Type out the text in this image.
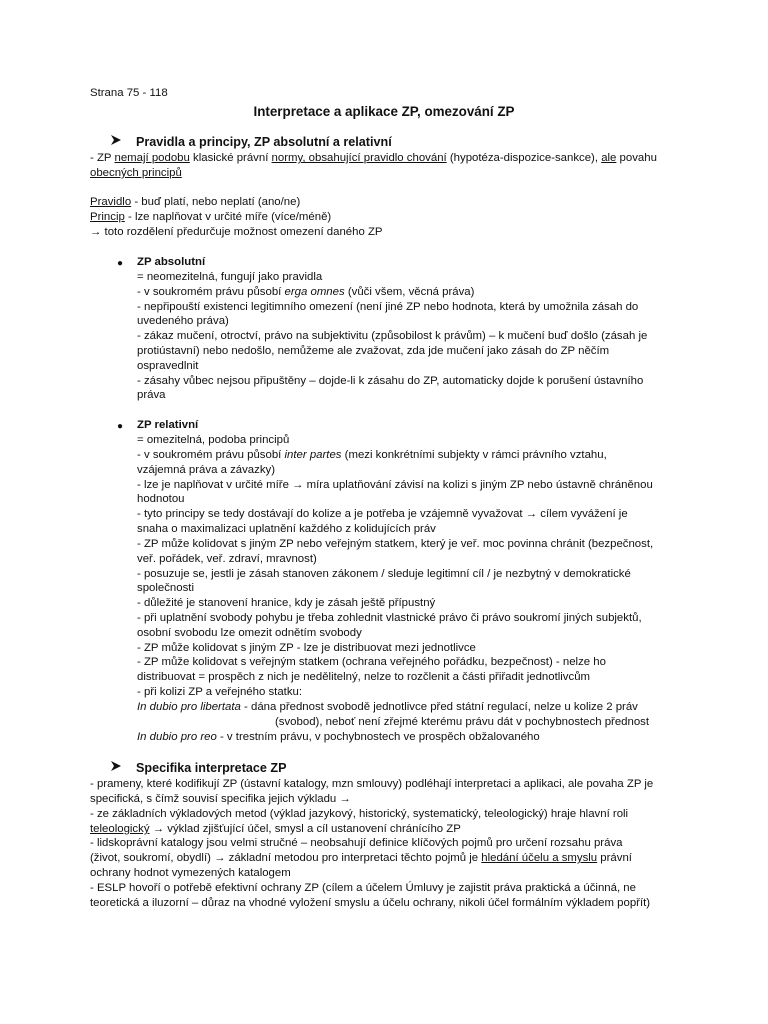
Strana 75 - 118
Interpretace a aplikace ZP, omezování ZP
Pravidla a principy, ZP absolutní a relativní
- ZP nemají podobu klasické právní normy, obsahující pravidlo chování (hypotéza-dispozice-sankce), ale povahu
obecných principů
Pravidlo - buď platí, nebo neplatí (ano/ne)
Princip - lze naplňovat v určité míře (více/méně)
→ toto rozdělení předurčuje možnost omezení daného ZP
● ZP absolutní
= neomezitelná, fungují jako pravidla
- v soukromém právu působí erga omnes (vůči všem, věcná práva)
- nepřipouští existenci legitimního omezení (není jiné ZP nebo hodnota, která by umožnila zásah do
uvedeného práva)
- zákaz mučení, otroctví, právo na subjektivitu (způsobilost k právům) – k mučení buď došlo (zásah je
protiústavní) nebo nedošlo, nemůžeme ale zvažovat, zda jde mučení jako zásah do ZP něčím
ospravedlnit
- zásahy vůbec nejsou připuštěny – dojde-li k zásahu do ZP, automaticky dojde k porušení ústavního
práva
● ZP relativní
= omezitelná, podoba principů
- v soukromém právu působí inter partes (mezi konkrétními subjekty v rámci právního vztahu,
vzájemná práva a závazky)
- lze je naplňovat v určité míře → míra uplatňování závisí na kolizi s jiným ZP nebo ústavně chráněnou
hodnotou
- tyto principy se tedy dostávají do kolize a je potřeba je vzájemně vyvažovat → cílem vyvážení je
snaha o maximalizaci uplatnění každého z kolidujících práv
- ZP může kolidovat s jiným ZP nebo veřejným statkem, který je veř. moc povinna chránit (bezpečnost,
veř. pořádek, veř. zdraví, mravnost)
- posuzuje se, jestli je zásah stanoven zákonem / sleduje legitimní cíl / je nezbytný v demokratické
společnosti
- důležité je stanovení hranice, kdy je zásah ještě přípustný
- při uplatnění svobody pohybu je třeba zohlednit vlastnické právo či právo soukromí jiných subjektů,
osobní svobodu lze omezit odnětím svobody
- ZP může kolidovat s jiným ZP - lze je distribuovat mezi jednotlivce
- ZP může kolidovat s veřejným statkem (ochrana veřejného pořádku, bezpečnost) - nelze ho
distribuovat = prospěch z nich je nedělitelný, nelze to rozčlenit a části přiřadit jednotlivcům
- při kolizi ZP a veřejného statku:
In dubio pro libertata - dána přednost svobodě jednotlivce před státní regulací, nelze u kolize 2 práv
(svobod), neboť není zřejmé kterému právu dát v pochybnostech přednost
In dubio pro reo - v trestním právu, v pochybnostech ve prospěch obžalovaného
Specifika interpretace ZP
- prameny, které kodifikují ZP (ústavní katalogy, mzn smlouvy) podléhají interpretaci a aplikaci, ale povaha ZP je
specifická, s čímž souvisí specifika jejich výkladu →
- ze základních výkladových metod (výklad jazykový, historický, systematický, teleologický) hraje hlavní roli
teleologický → výklad zjišťující účel, smysl a cíl ustanovení chránícího ZP
- lidskoprávní katalogy jsou velmi stručné – neobsahují definice klíčových pojmů pro určení rozsahu práva
(život, soukromí, obydlí) → základní metodou pro interpretaci těchto pojmů je hledání účelu a smyslu právní
ochrany hodnot vymezených katalogem
- ESLP hovoří o potřebě efektivní ochrany ZP (cílem a účelem Úmluvy je zajistit práva praktická a účinná, ne
teoretická a iluzorní – důraz na vhodné vyložení smyslu a účelu ochrany, nikoli účel formálním výkladem popřít)
